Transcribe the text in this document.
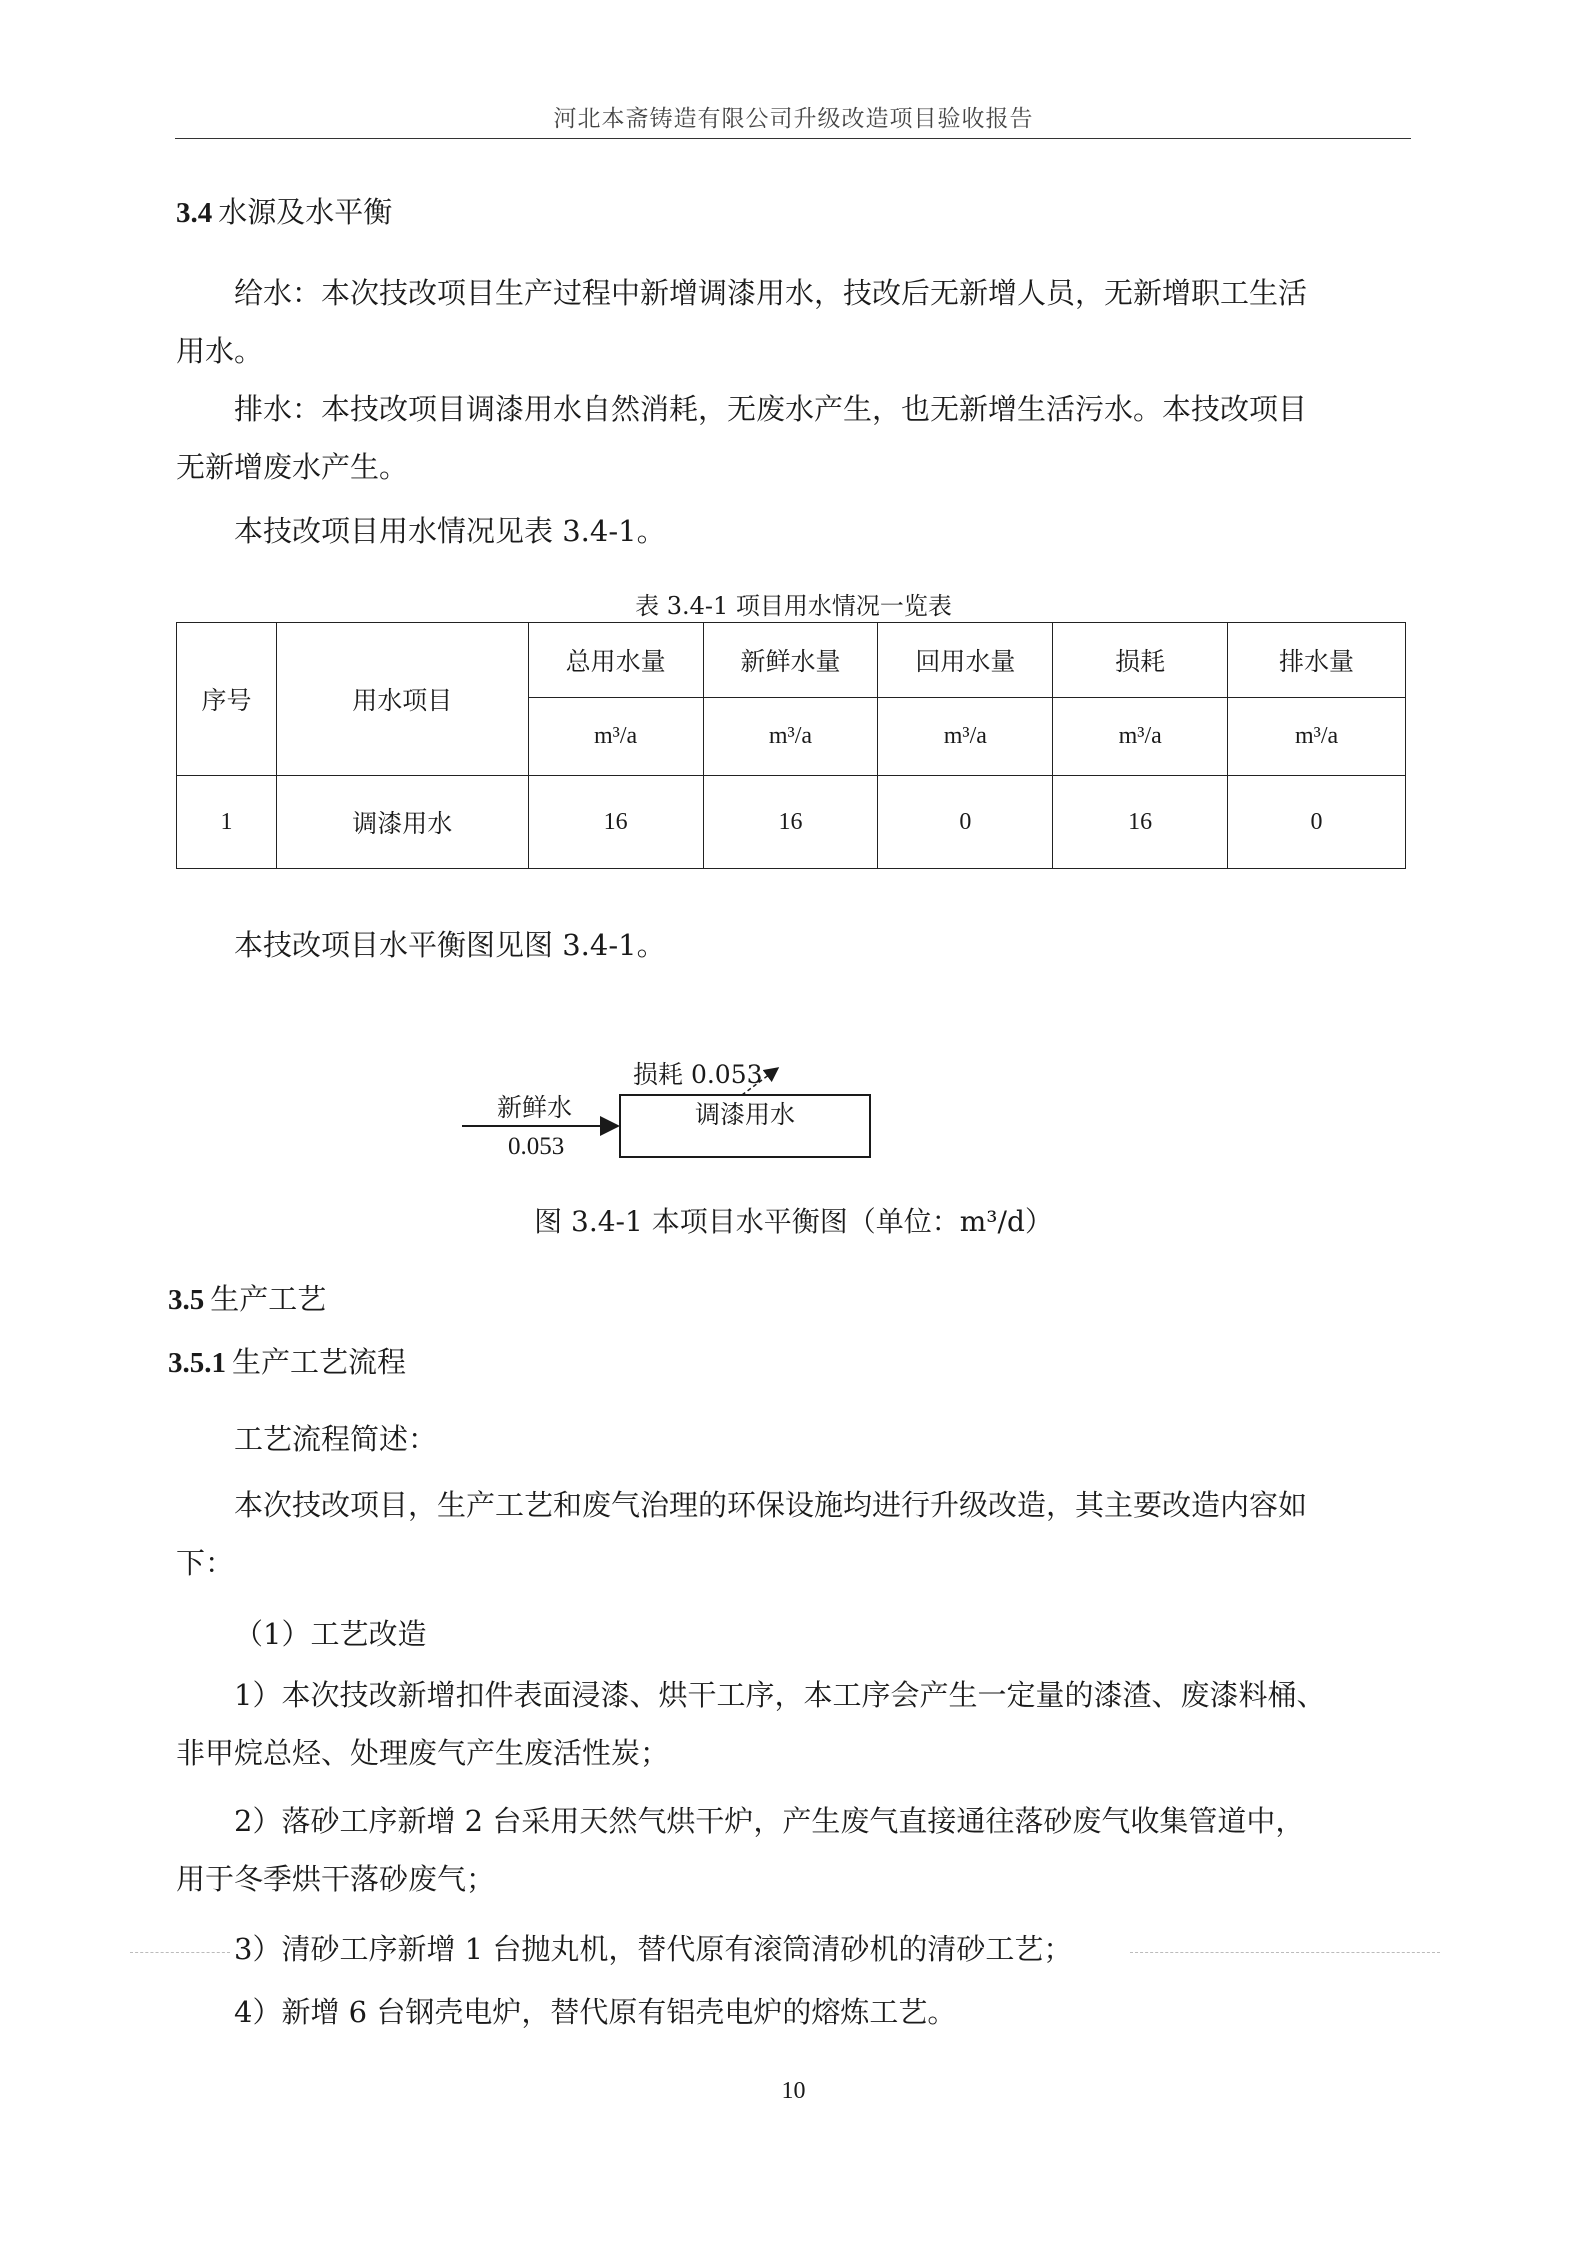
河北本斋铸造有限公司升级改造项目验收报告
3.4 水源及水平衡
给水：本次技改项目生产过程中新增调漆用水，技改后无新增人员，无新增职工生活
用水。
排水：本技改项目调漆用水自然消耗，无废水产生，也无新增生活污水。本技改项目
无新增废水产生。
本技改项目用水情况见表 3.4-1。
表 3.4-1 项目用水情况一览表
序号	用水项目	总用水量	新鲜水量	回用水量	损耗	排水量
		m³/a	m³/a	m³/a	m³/a	m³/a
1	调漆用水	16	16	0	16	0
本技改项目水平衡图见图 3.4-1。
损耗 0.053
新鲜水
0.053
调漆用水
图 3.4-1 本项目水平衡图（单位：m³/d）
3.5 生产工艺
3.5.1 生产工艺流程
工艺流程简述：
本次技改项目，生产工艺和废气治理的环保设施均进行升级改造，其主要改造内容如
下：
（1）工艺改造
1）本次技改新增扣件表面浸漆、烘干工序，本工序会产生一定量的漆渣、废漆料桶、
非甲烷总烃、处理废气产生废活性炭；
2）落砂工序新增 2 台采用天然气烘干炉，产生废气直接通往落砂废气收集管道中，
用于冬季烘干落砂废气；
3）清砂工序新增 1 台抛丸机，替代原有滚筒清砂机的清砂工艺；
4）新增 6 台钢壳电炉，替代原有铝壳电炉的熔炼工艺。
10
